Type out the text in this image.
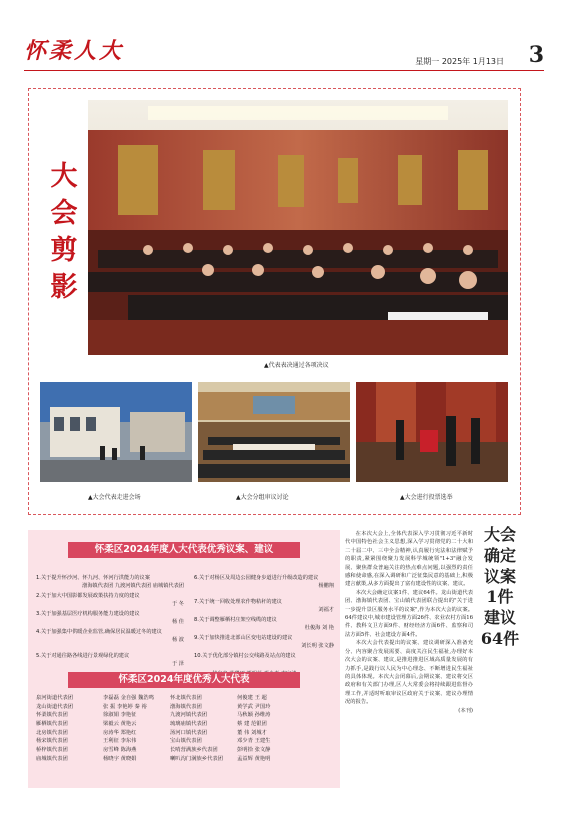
怀柔人大	星期一 2025年 1月13日 3
大会剪影
▲代表表决通过各项决议
▲大会代表走进会场	▲大会分组审议讨论	▲大会进行投票选举
怀柔区2024年度人大代表优秀议案、建议
1.关于提升怀沙河、怀九河、怀河行洪能力的议案
渤海镇代表团 九渡河镇代表团 庙城镇代表团
2.关于加大中国影都发展政策扶持力度的建议
于 冬
3.关于加强基层医疗机构服务能力建设的建议
杨 佳
4.关于加强集中供暖企业监管,确保居民温暖过冬的建议
杨 波
5.关于对通往路各线进行景观绿化的建议
于 泽
6.关于对杨区及周边公园健身步道进行升级改造的建议
杨鹏翔
7.关于统一回收处理农作物秸秆的建议
刘福才
8.关于调整雁栖村庄架空线缆的建议
杜俊海 刘 艳
9.关于加快推进北部山区变电站建设的建议
刘长明 张文静
10.关于优化部分镇村公交线路及站点的建议
怀柔区2024年度优秀人大代表
泉河街道代表团	李磊磊 金自强 魏浩鸣	怀北镇代表团	何俊建 王 超
龙山街道代表团	张 振 李艳婷 秦 裕	渤海镇代表团	黄学武 尹国玲
怀柔镇代表团	徐淑娟 李艳征	九渡河镇代表团	马秋颖 孙维涛
雁栖镇代表团	梁毅云 黄艳云	琉璃庙镇代表团	蔡 建 范银团
北房镇代表团	房涛华 郑艳红	汤河口镇代表团	董 伟 刘城才
杨宋镇代表团	王利征 李东伟	宝山镇代表团	邓少青 王建生
桥梓镇代表团	房雪峰 陈海燕	长哨营满族乡代表团	彭明拾 张文静
庙城镇代表团	杨晓宇 黄晓娟	喇叭沟门满族乡代表团	孟益辉 黄艳明

在本次大会上,全体代表深入学习贯彻习近平新时代中国特色社会主义思想,深入学习贯彻党的二十大和二十届二中、三中全会精神,认真履行宪法和法律赋予的职责,紧紧围绕聚力发展科学城统领"1+3"融合发展、聚焦群众普遍关注的热点难点问题,以强烈的责任感和使命感,在深入调研和广泛征集民意的基础上,积极建言献策,从多方面提出了富有建设性的议案、建议。

本次大会确定议案1件、建议64件。龙山街道代表团、渤海镇代表团、宝山镇代表团联合提出的"关于进一步提升景区服务水平的议案",作为本次大会的议案。64件建议中,城市建设管理方面26件、农业农村方面16件、教科文卫方面9件、财经经济方面6件、监察和司法方面5件、社会建设方面4件。

本次大会代表提出的议案、建议调研深入准备充分、内容聚合发展需要、高度关注民生福祉,办理好本次大会的议案、建议,是推进推进区域高质量发展的有力抓手,是践行以人民为中心理念、不断增进民生福祉的具体体现。本次大会闭幕后,会期议案、建议将交区政府和有关部门办理,区人大常委会将持续跟进监督办理工作,并适时听取审议区政府关于议案、建议办理情况的报告。

(本刊)

大会确定议案1件 建议64件
